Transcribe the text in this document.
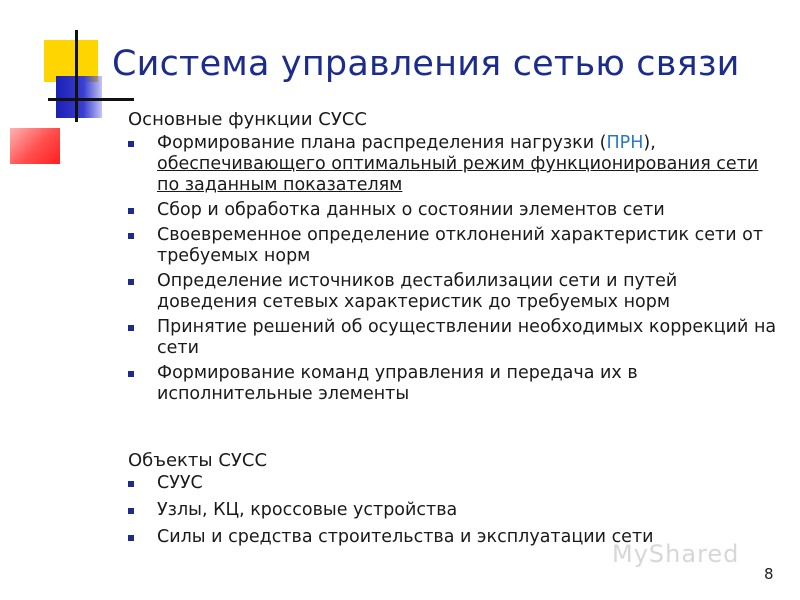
Система управления сетью связи
Основные функции СУСС
Формирование плана распределения нагрузки (ПРН), обеспечивающего оптимальный режим функционирования сети по заданным показателям
Сбор и обработка данных о состоянии элементов сети
Своевременное определение отклонений характеристик сети от требуемых норм
Определение источников дестабилизации сети и путей доведения сетевых характеристик до требуемых норм
Принятие решений об осуществлении необходимых коррекций на сети
Формирование команд управления и передача их в исполнительные элементы
Объекты СУСС
СУУС
Узлы, КЦ, кроссовые устройства
Силы и средства строительства и эксплуатации сети
MyShared
8
